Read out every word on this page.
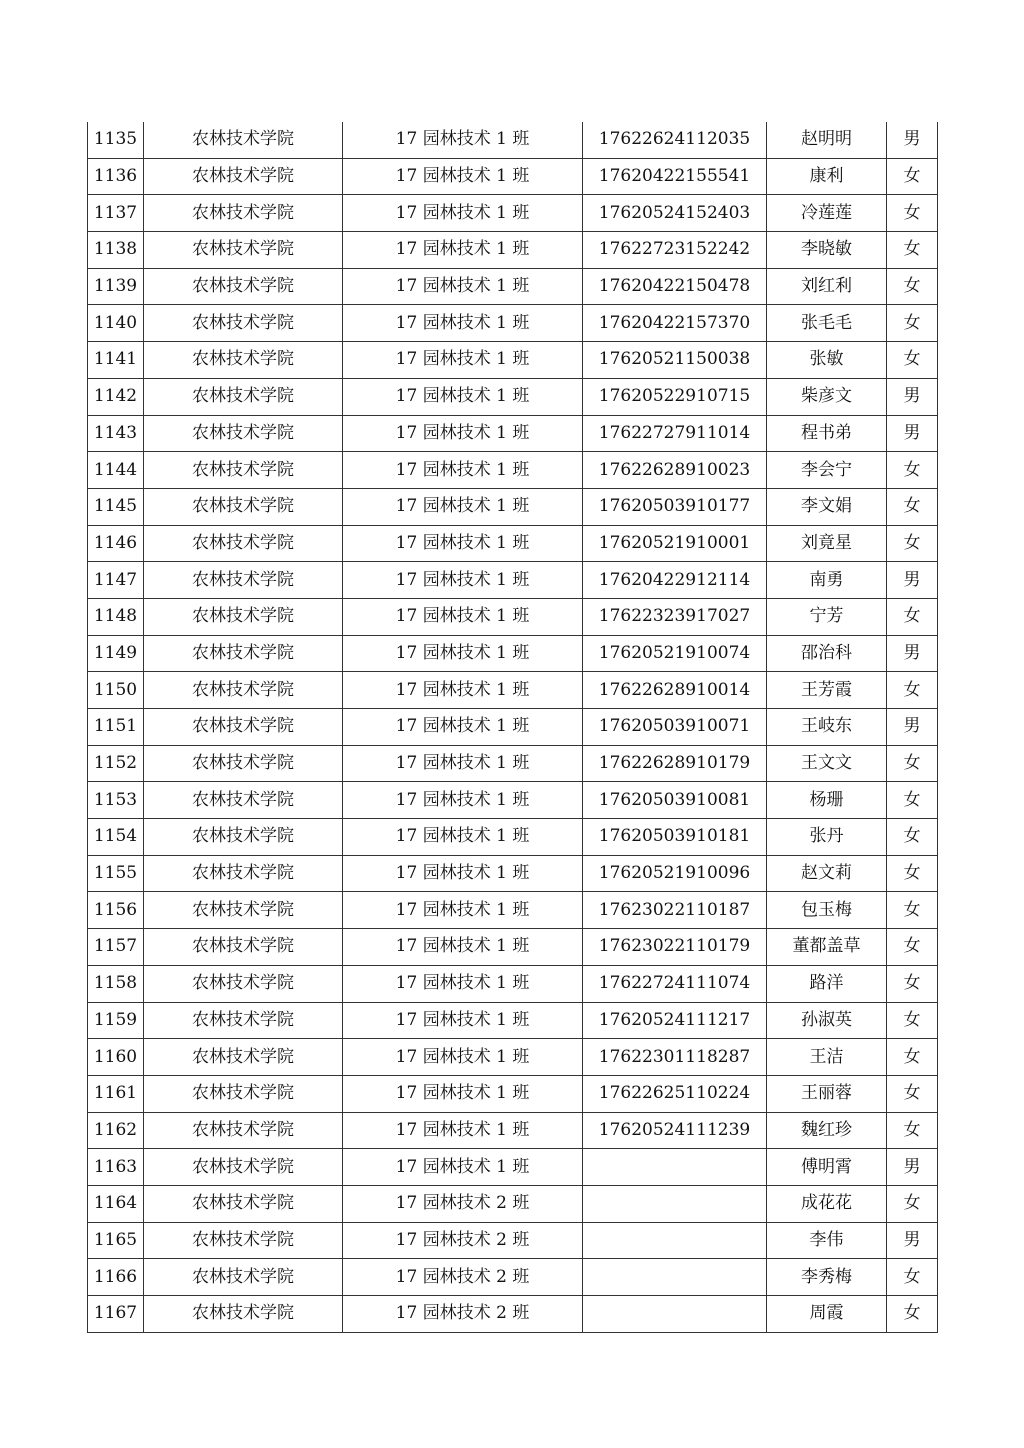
1135	农林技术学院	17 园林技术 1 班	17622624112035	赵明明	男
1136	农林技术学院	17 园林技术 1 班	17620422155541	康利	女
1137	农林技术学院	17 园林技术 1 班	17620524152403	冷莲莲	女
1138	农林技术学院	17 园林技术 1 班	17622723152242	李晓敏	女
1139	农林技术学院	17 园林技术 1 班	17620422150478	刘红利	女
1140	农林技术学院	17 园林技术 1 班	17620422157370	张毛毛	女
1141	农林技术学院	17 园林技术 1 班	17620521150038	张敏	女
1142	农林技术学院	17 园林技术 1 班	17620522910715	柴彦文	男
1143	农林技术学院	17 园林技术 1 班	17622727911014	程书弟	男
1144	农林技术学院	17 园林技术 1 班	17622628910023	李会宁	女
1145	农林技术学院	17 园林技术 1 班	17620503910177	李文娟	女
1146	农林技术学院	17 园林技术 1 班	17620521910001	刘竟星	女
1147	农林技术学院	17 园林技术 1 班	17620422912114	南勇	男
1148	农林技术学院	17 园林技术 1 班	17622323917027	宁芳	女
1149	农林技术学院	17 园林技术 1 班	17620521910074	邵治科	男
1150	农林技术学院	17 园林技术 1 班	17622628910014	王芳霞	女
1151	农林技术学院	17 园林技术 1 班	17620503910071	王岐东	男
1152	农林技术学院	17 园林技术 1 班	17622628910179	王文文	女
1153	农林技术学院	17 园林技术 1 班	17620503910081	杨珊	女
1154	农林技术学院	17 园林技术 1 班	17620503910181	张丹	女
1155	农林技术学院	17 园林技术 1 班	17620521910096	赵文莉	女
1156	农林技术学院	17 园林技术 1 班	17623022110187	包玉梅	女
1157	农林技术学院	17 园林技术 1 班	17623022110179	董都盖草	女
1158	农林技术学院	17 园林技术 1 班	17622724111074	路洋	女
1159	农林技术学院	17 园林技术 1 班	17620524111217	孙淑英	女
1160	农林技术学院	17 园林技术 1 班	17622301118287	王洁	女
1161	农林技术学院	17 园林技术 1 班	17622625110224	王丽蓉	女
1162	农林技术学院	17 园林技术 1 班	17620524111239	魏红珍	女
1163	农林技术学院	17 园林技术 1 班		傅明霄	男
1164	农林技术学院	17 园林技术 2 班		成花花	女
1165	农林技术学院	17 园林技术 2 班		李伟	男
1166	农林技术学院	17 园林技术 2 班		李秀梅	女
1167	农林技术学院	17 园林技术 2 班		周霞	女
